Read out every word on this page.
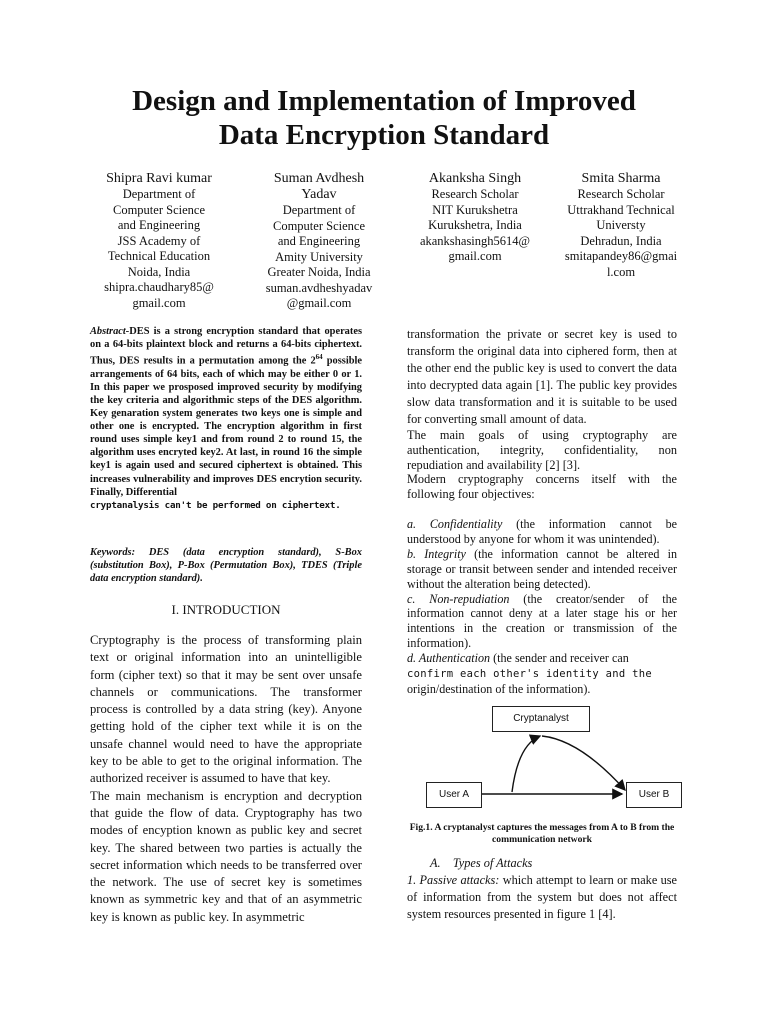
Design and Implementation of Improved
Data Encryption Standard
Shipra Ravi kumar
Department of
Computer Science
and Engineering
JSS Academy of
Technical Education
Noida, India
shipra.chaudhary85@
gmail.com
Suman Avdhesh
Yadav
Department of
Computer Science
and Engineering
Amity University
Greater Noida, India
suman.avdheshyadav
@gmail.com
Akanksha Singh
Research Scholar
NIT Kurukshetra
Kurukshetra, India
akankshasingh5614@
gmail.com
Smita Sharma
Research Scholar
Uttrakhand Technical
Universty
Dehradun, India
smitapandey86@gmai
l.com

Abstract-DES is a strong encryption standard that operates on a 64-bits plaintext block and returns a 64-bits ciphertext. Thus, DES results in a permutation among the $2^{64}$ possible arrangements of 64 bits, each of which may be either 0 or 1. In this paper we prosposed improved security by modifying the key criteria and algorithmic steps of the DES algorithm. Key genaration system generates two keys one is simple and other one is encrypted. The encryption algorithm in first round uses simple key1 and from round 2 to round 15, the algorithm uses encryted key2. At last, in round 16 the simple key1 is again used and secured ciphertext is obtained. This increases vulnerability and improves DES encrytion security. Finally, Differential

cryptanalysis can't be performed on ciphertext.

Keywords: DES (data encryption standard), S-Box (substitution Box), P-Box (Permutation Box), TDES (Triple data encryption standard).
I. INTRODUCTION

Cryptography is the process of transforming plain text or original information into an unintelligible form (cipher text) so that it may be sent over unsafe channels or communications. The transformer process is controlled by a data string (key). Anyone getting hold of the cipher text while it is on the unsafe channel would need to have the appropriate key to be able to get to the original information. The authorized receiver is assumed to have that key.

The main mechanism is encryption and decryption that guide the flow of data. Cryptography has two modes of encyption known as public key and secret key. The shared between two parties is actually the secret information which needs to be transferred over the network. The use of secret key is sometimes known as symmetric key and that of an asymmetric key is known as public key. In asymmetric

transformation the private or secret key is used to transform the original data into ciphered form, then at the other end the public key is used to convert the data into decrypted data again [1]. The public key provides slow data transformation and it is suitable to be used for converting small amount of data.

The main goals of using cryptography are authentication, integrity, confidentiality, non repudiation and availability [2] [3].

Modern cryptography concerns itself with the following four objectives:

a. Confidentiality (the information cannot be understood by anyone for whom it was unintended).

b. Integrity (the information cannot be altered in storage or transit between sender and intended receiver without the alteration being detected).

c. Non-repudiation (the creator/sender of the information cannot deny at a later stage his or her intentions in the creation or transmission of the information).

d. Authentication (the sender and receiver can
confirm each other's identity and the
origin/destination of the information).

Cryptanalyst
User A	User B
Fig.1. A cryptanalyst captures the messages from A to B from the communication network
A.    Types of Attacks
1. Passive attacks: which attempt to learn or make use of information from the system but does not affect system resources presented in figure 1 [4].
